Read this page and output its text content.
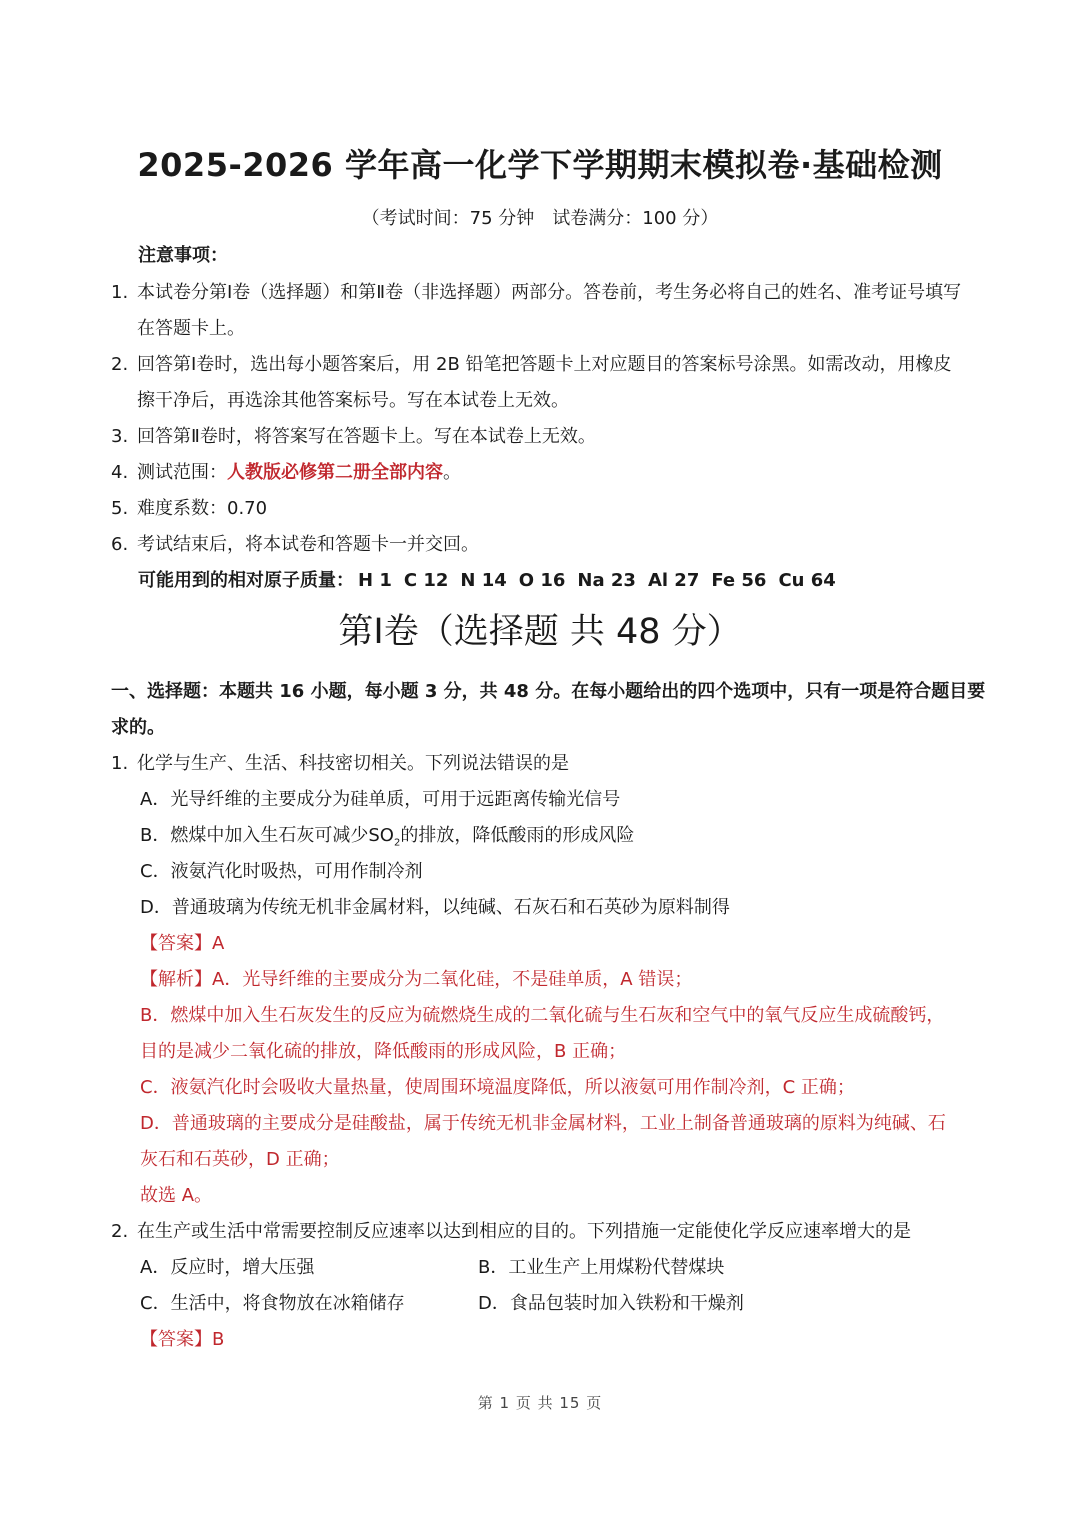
2025-2026 学年高一化学下学期期末模拟卷·基础检测
（考试时间：75 分钟　试卷满分：100 分）
注意事项：
1. 本试卷分第Ⅰ卷（选择题）和第Ⅱ卷（非选择题）两部分。答卷前，考生务必将自己的姓名、准考证号填写
在答题卡上。
2. 回答第Ⅰ卷时，选出每小题答案后，用 2B 铅笔把答题卡上对应题目的答案标号涂黑。如需改动，用橡皮
擦干净后，再选涂其他答案标号。写在本试卷上无效。
3. 回答第Ⅱ卷时，将答案写在答题卡上。写在本试卷上无效。
4. 测试范围：人教版必修第二册全部内容。
5. 难度系数：0.70
6. 考试结束后，将本试卷和答题卡一并交回。
可能用到的相对原子质量： H 1 C 12 N 14 O 16 Na 23 Al 27 Fe 56 Cu 64
第Ⅰ卷（选择题 共 48 分）
一、选择题：本题共 16 小题，每小题 3 分，共 48 分。在每小题给出的四个选项中，只有一项是符合题目要
求的。
1. 化学与生产、生活、科技密切相关。下列说法错误的是
A．光导纤维的主要成分为硅单质，可用于远距离传输光信号
B．燃煤中加入生石灰可减少$SO_2$的排放，降低酸雨的形成风险
C．液氨汽化时吸热，可用作制冷剂
D．普通玻璃为传统无机非金属材料，以纯碱、石灰石和石英砂为原料制得
【答案】A
【解析】A．光导纤维的主要成分为二氧化硅，不是硅单质，A 错误；
B．燃煤中加入生石灰发生的反应为硫燃烧生成的二氧化硫与生石灰和空气中的氧气反应生成硫酸钙，
目的是减少二氧化硫的排放，降低酸雨的形成风险，B 正确；
C．液氨汽化时会吸收大量热量，使周围环境温度降低，所以液氨可用作制冷剂，C 正确；
D．普通玻璃的主要成分是硅酸盐，属于传统无机非金属材料，工业上制备普通玻璃的原料为纯碱、石
灰石和石英砂，D 正确；
故选 A。
2. 在生产或生活中常需要控制反应速率以达到相应的目的。下列措施一定能使化学反应速率增大的是
A．反应时，增大压强	B．工业生产上用煤粉代替煤块
C．生活中，将食物放在冰箱储存	D．食品包装时加入铁粉和干燥剂
【答案】B
第 1 页 共 15 页
